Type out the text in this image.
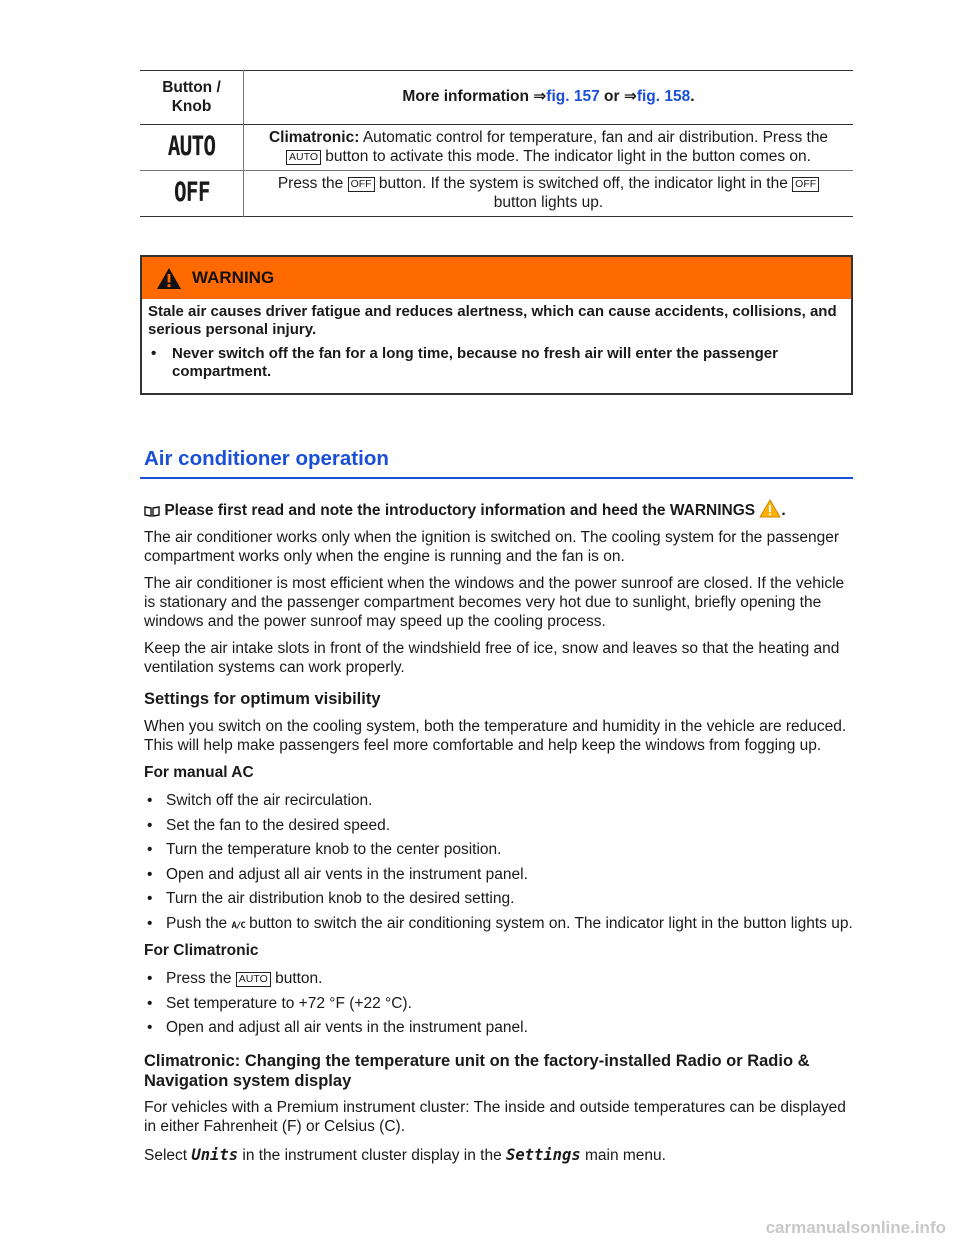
Button /
Knob	More information ⇒fig. 157 or ⇒fig. 158.
AUTO	Climatronic: Automatic control for temperature, fan and air distribution. Press the
AUTO button to activate this mode. The indicator light in the button comes on.
OFF	Press the OFF button. If the system is switched off, the indicator light in the OFF
button lights up.
WARNING

Stale air causes driver fatigue and reduces alertness, which can cause accidents, collisions, and serious personal injury.

• Never switch off the fan for a long time, because no fresh air will enter the passenger compartment.
Air conditioner operation

Please first read and note the introductory information and heed the WARNINGS .

The air conditioner works only when the ignition is switched on. The cooling system for the passenger compartment works only when the engine is running and the fan is on.

The air conditioner is most efficient when the windows and the power sunroof are closed. If the vehicle is stationary and the passenger compartment becomes very hot due to sunlight, briefly opening the windows and the power sunroof may speed up the cooling process.

Keep the air intake slots in front of the windshield free of ice, snow and leaves so that the heating and ventilation systems can work properly.

Settings for optimum visibility

When you switch on the cooling system, both the temperature and humidity in the vehicle are reduced. This will help make passengers feel more comfortable and help keep the windows from fogging up.

For manual AC

• Switch off the air recirculation.
• Set the fan to the desired speed.
• Turn the temperature knob to the center position.
• Open and adjust all air vents in the instrument panel.
• Turn the air distribution knob to the desired setting.
• Push the A/C button to switch the air conditioning system on. The indicator light in the button lights up.

For Climatronic

• Press the AUTO button.
• Set temperature to +72 °F (+22 °C).
• Open and adjust all air vents in the instrument panel.
Climatronic: Changing the temperature unit on the factory-installed Radio or Radio & Navigation system display

For vehicles with a Premium instrument cluster: The inside and outside temperatures can be displayed in either Fahrenheit (F) or Celsius (C).

Select Units in the instrument cluster display in the Settings main menu.

carmanualsonline.info
